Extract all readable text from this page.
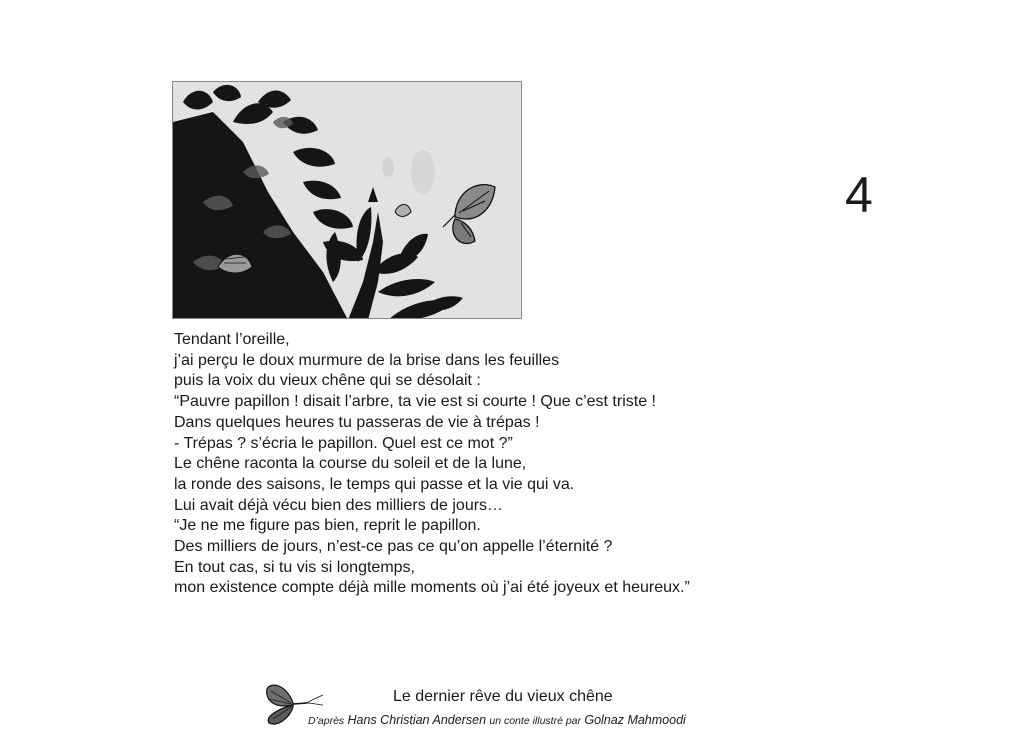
4
Tendant l’oreille,
j’ai perçu le doux murmure de la brise dans les feuilles
puis la voix du vieux chêne qui se désolait :
“Pauvre papillon ! disait l’arbre, ta vie est si courte ! Que c’est triste !
Dans quelques heures tu passeras de vie à trépas !
- Trépas ? s’écria le papillon. Quel est ce mot ?”
Le chêne raconta la course du soleil et de la lune,
la ronde des saisons, le temps qui passe et la vie qui va.
Lui avait déjà vécu bien des milliers de jours…
“Je ne me figure pas bien, reprit le papillon.
Des milliers de jours, n’est-ce pas ce qu’on appelle l’éternité ?
En tout cas, si tu vis si longtemps,
mon existence compte déjà mille moments où j’ai été joyeux et heureux.”
Le dernier rêve du vieux chêne
D’après Hans Christian Andersen un conte illustré par Golnaz Mahmoodi
